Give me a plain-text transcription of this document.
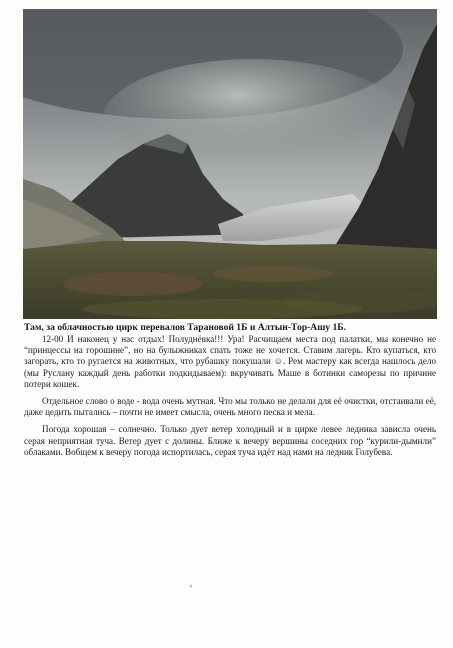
Там, за облачностью цирк перевалов Тарановой 1Б и Алтын-Тор-Ашу 1Б.

12-00 И наконец у нас отдых! Полуднёвка!!! Ура! Расчищаем места под палатки, мы конечно не “принцессы на горошине”, но на булыжниках спать тоже не хочется. Ставим лагерь. Кто купаться, кто загорать, кто то ругается на животных, что рубашку покушали ☺. Рем мастеру как всегда нашлось дело (мы Руслану каждый день работки подкидываем): вкручивать Маше в ботинки саморезы по причине потери кошек.

Отдельное слово о воде - вода очень мутная. Что мы только не делали для её очистки, отстаивали её, даже цедить пытались – почти не имеет смысла, очень много песка и мела.

Погода хорошая – солнечно. Только дует ветер холодный и в цирке левее ледника зависла очень серая неприятная туча. Ветер дует с долины. Ближе к вечеру вершины соседних гор “курили-дымили” облаками. Вобщем к вечеру погода испортилась, серая туча идёт над нами на ледник Голубева.

4
